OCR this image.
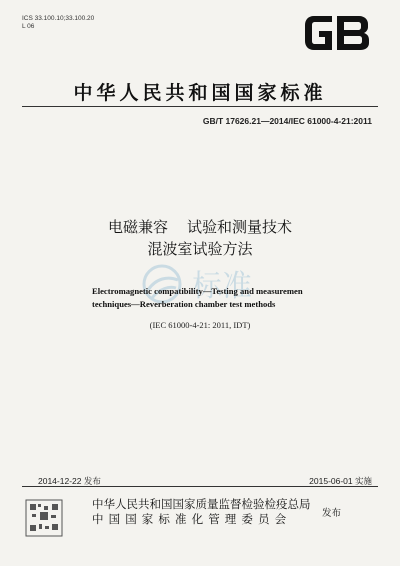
ICS 33.100.10;33.100.20
L 06
中华人民共和国国家标准
GB/T 17626.21—2014/IEC 61000-4-21:2011
电磁兼容    试验和测量技术
混波室试验方法
标准
Electromagnetic compatibility—Testing and measuremen
techniques—Reverberation chamber test methods
(IEC 61000-4-21: 2011, IDT)
2014-12-22 发布	2015-06-01 实施
中华人民共和国国家质量监督检验检疫总局
中国国家标准化管理委员会	发布
